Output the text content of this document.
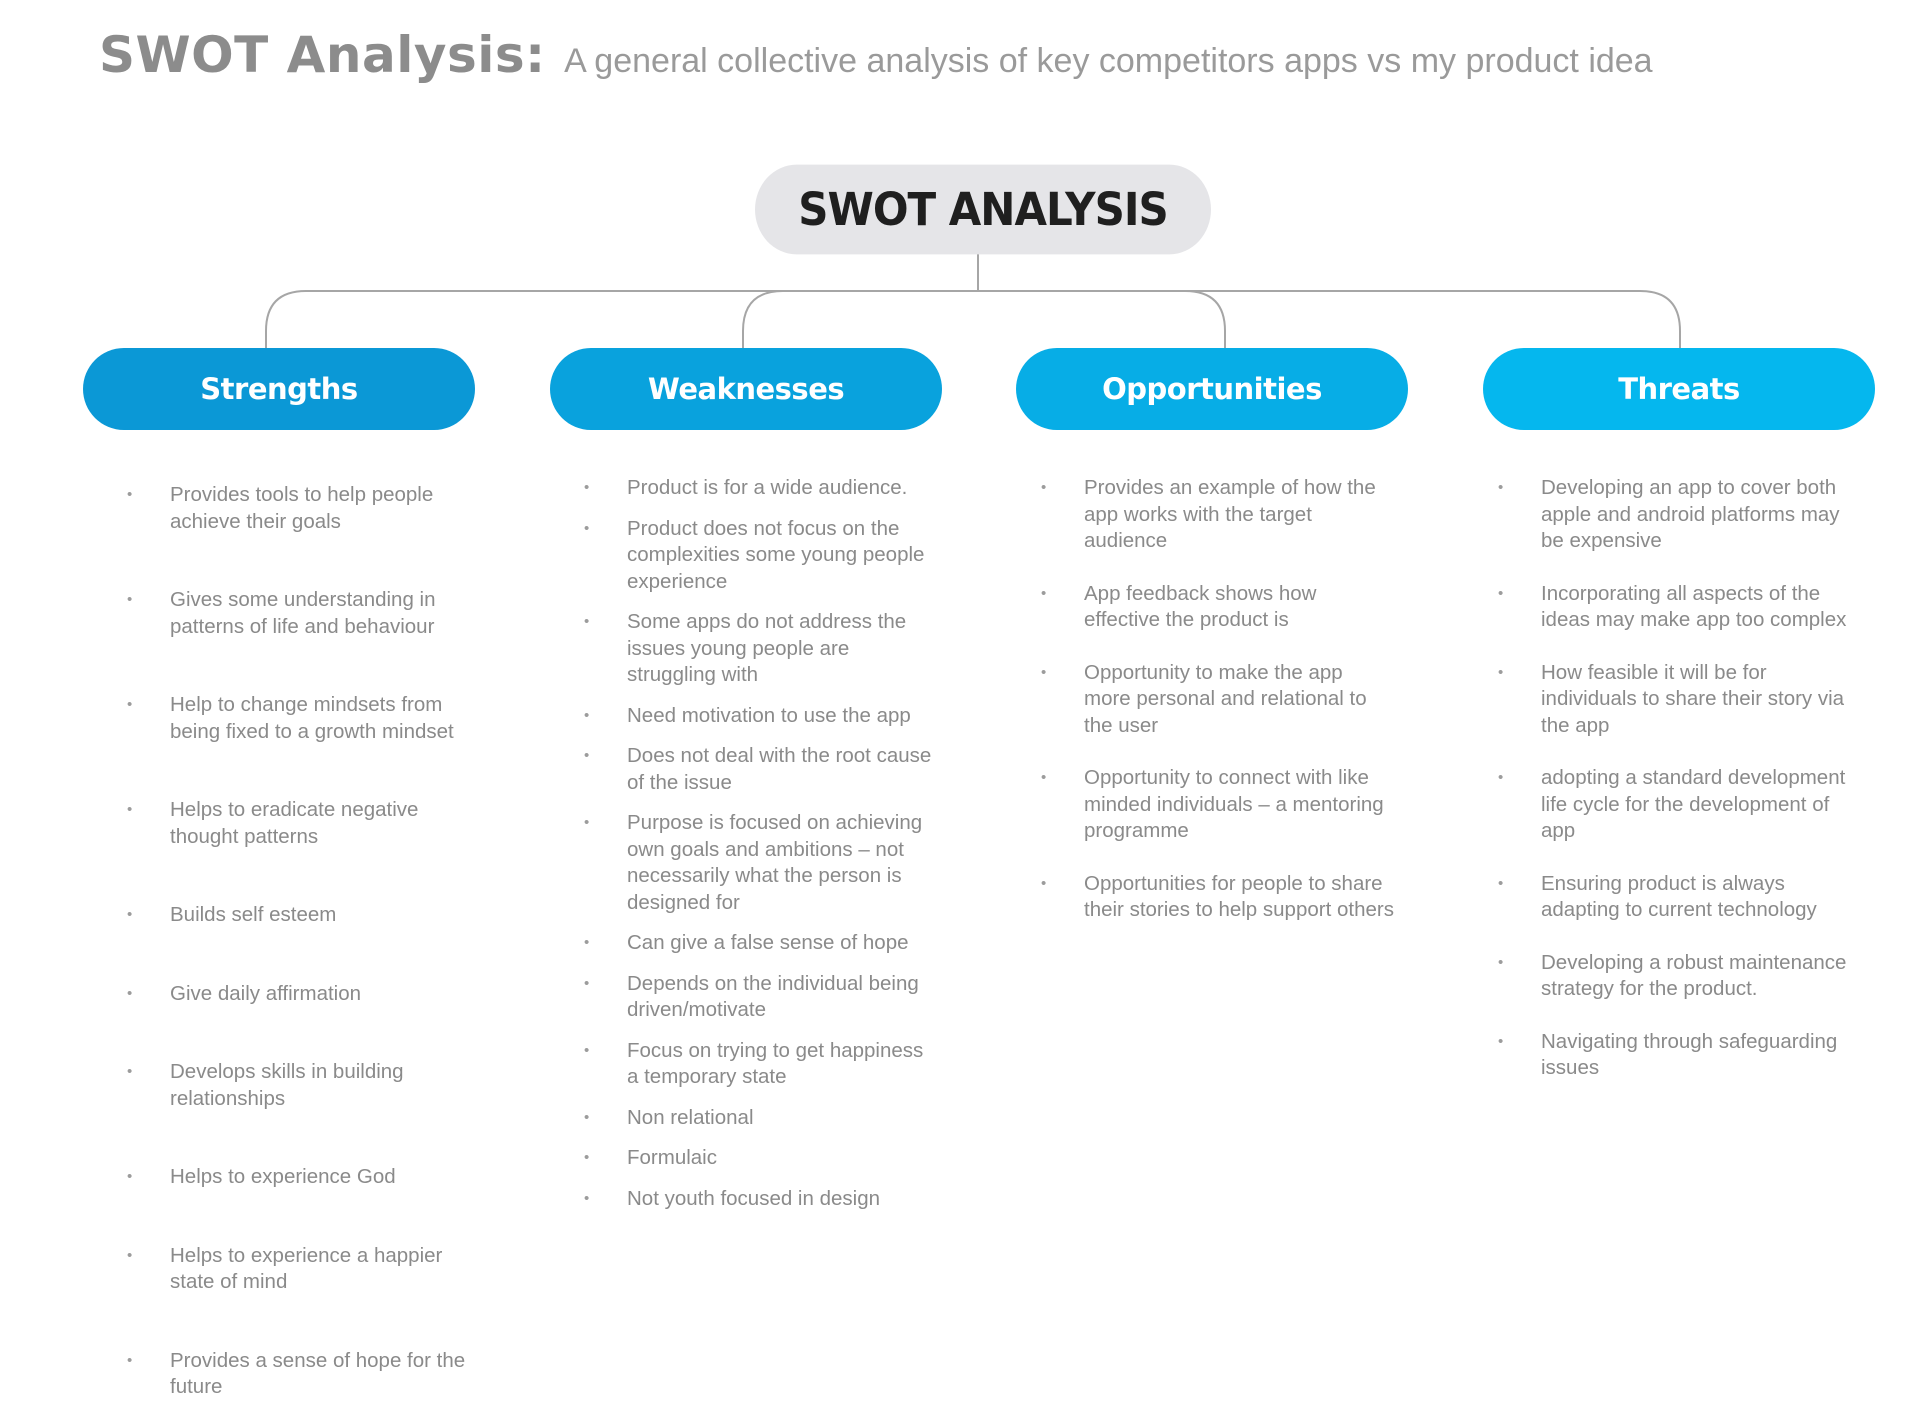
SWOT Analysis: A general collective analysis of key competitors apps vs my product idea
SWOT ANALYSIS
Strengths	Weaknesses	Opportunities	Threats
• Provides tools to help people achieve their goals
• Gives some understanding in patterns of life and behaviour
• Help to change mindsets from being fixed to a growth mindset
• Helps to eradicate negative thought patterns
• Builds self esteem
• Give daily affirmation
• Develops skills in building relationships
• Helps to experience God
• Helps to experience a happier state of mind
• Provides a sense of hope for the future
• Product is for a wide audience.
• Product does not focus on the complexities some young people experience
• Some apps do not address the issues young people are struggling with
• Need motivation to use the app
• Does not deal with the root cause of the issue
• Purpose is focused on achieving own goals and ambitions – not necessarily what the person is designed for
• Can give a false sense of hope
• Depends on the individual being driven/motivate
• Focus on trying to get happiness a temporary state
• Non relational
• Formulaic
• Not youth focused in design
• Provides an example of how the app works with the target audience
• App feedback shows how effective the product is
• Opportunity to make the app more personal and relational to the user
• Opportunity to connect with like minded individuals – a mentoring programme
• Opportunities for people to share their stories to help support others
• Developing an app to cover both apple and android platforms may be expensive
• Incorporating all aspects of the ideas may make app too complex
• How feasible it will be for individuals to share their story via the app
• adopting a standard development life cycle for the development of app
• Ensuring product is always adapting to current technology
• Developing a robust maintenance strategy for the product.
• Navigating through safeguarding issues
